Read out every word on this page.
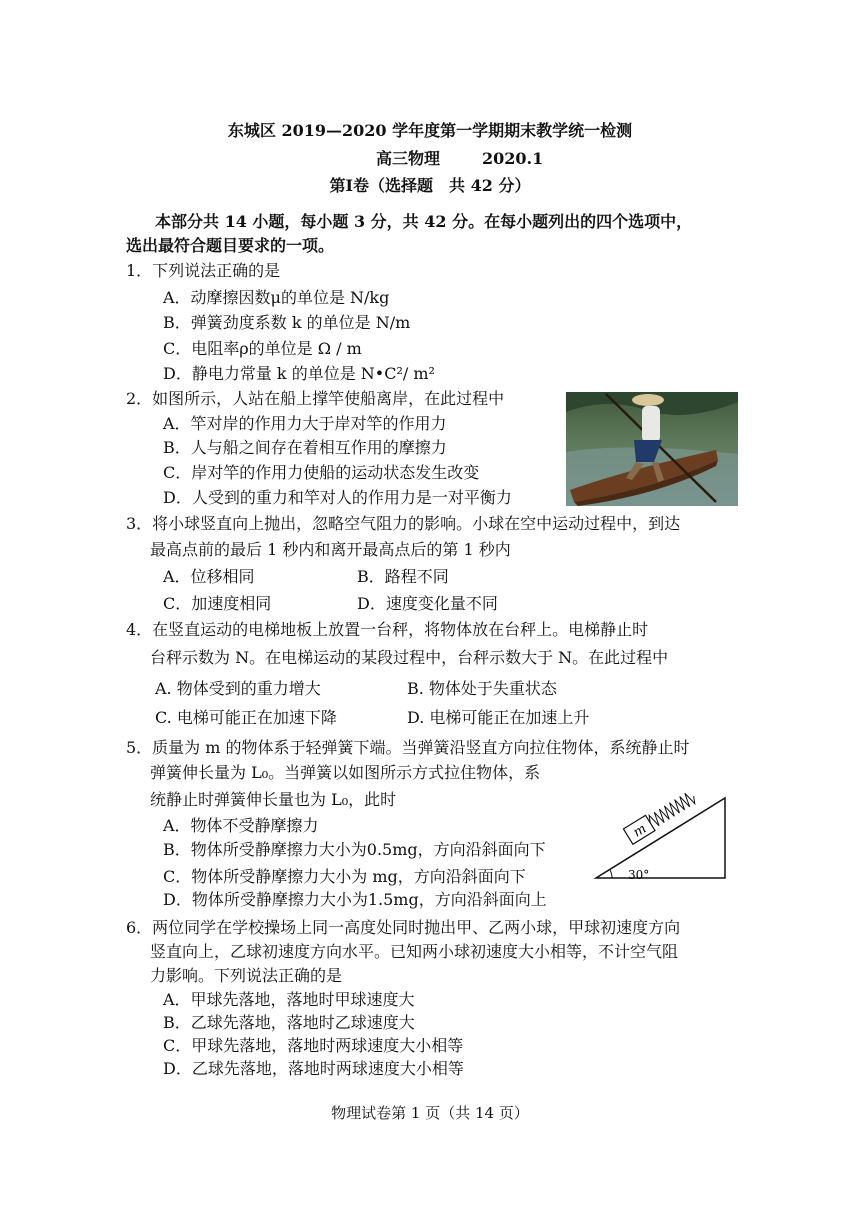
东城区 2019—2020 学年度第一学期期末教学统一检测
高三物理	2020.1
第Ⅰ卷（选择题　共 42 分）
本部分共 14 小题，每小题 3 分，共 42 分。在每小题列出的四个选项中，
选出最符合题目要求的一项。
1．下列说法正确的是
A．动摩擦因数μ的单位是 N/kg
B．弹簧劲度系数 k 的单位是 N/m
C．电阻率ρ的单位是 Ω / m
D．静电力常量 k 的单位是 N•C²/ m²
2．如图所示，人站在船上撑竿使船离岸，在此过程中
A．竿对岸的作用力大于岸对竿的作用力
B．人与船之间存在着相互作用的摩擦力
C．岸对竿的作用力使船的运动状态发生改变
D．人受到的重力和竿对人的作用力是一对平衡力
3．将小球竖直向上抛出，忽略空气阻力的影响。小球在空中运动过程中，到达
最高点前的最后 1 秒内和离开最高点后的第 1 秒内
A．位移相同	B．路程不同
C．加速度相同	D．速度变化量不同
4．在竖直运动的电梯地板上放置一台秤，将物体放在台秤上。电梯静止时
台秤示数为 N。在电梯运动的某段过程中，台秤示数大于 N。在此过程中
A. 物体受到的重力增大	B. 物体处于失重状态
C. 电梯可能正在加速下降	D. 电梯可能正在加速上升
5．质量为 m 的物体系于轻弹簧下端。当弹簧沿竖直方向拉住物体，系统静止时
弹簧伸长量为 L₀。当弹簧以如图所示方式拉住物体，系
统静止时弹簧伸长量也为 L₀，此时
A．物体不受静摩擦力
B．物体所受静摩擦力大小为0.5mg，方向沿斜面向下
C．物体所受静摩擦力大小为 mg，方向沿斜面向下
D．物体所受静摩擦力大小为1.5mg，方向沿斜面向上
m
30°
6．两位同学在学校操场上同一高度处同时抛出甲、乙两小球，甲球初速度方向
竖直向上，乙球初速度方向水平。已知两小球初速度大小相等，不计空气阻
力影响。下列说法正确的是
A．甲球先落地，落地时甲球速度大
B．乙球先落地，落地时乙球速度大
C．甲球先落地，落地时两球速度大小相等
D．乙球先落地，落地时两球速度大小相等
物理试卷第 1 页（共 14 页）
